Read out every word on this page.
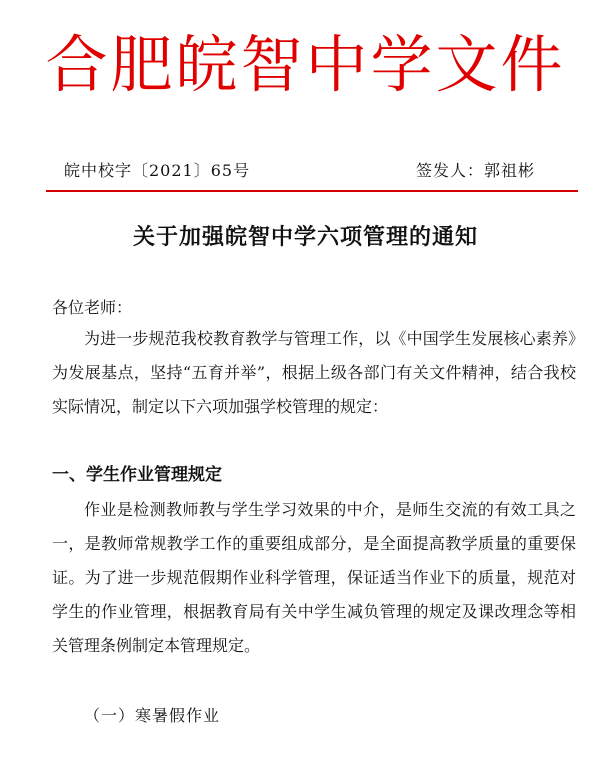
合肥皖智中学文件
皖中校字〔2021〕65号	签发人：郭祖彬
关于加强皖智中学六项管理的通知
各位老师：

为进一步规范我校教育教学与管理工作，以《中国学生发展核心素养》为发展基点，坚持“五育并举”，根据上级各部门有关文件精神，结合我校实际情况，制定以下六项加强学校管理的规定：

一、学生作业管理规定

作业是检测教师教与学生学习效果的中介，是师生交流的有效工具之一，是教师常规教学工作的重要组成部分，是全面提高教学质量的重要保证。为了进一步规范假期作业科学管理，保证适当作业下的质量，规范对学生的作业管理，根据教育局有关中学生减负管理的规定及课改理念等相关管理条例制定本管理规定。

（一）寒暑假作业
